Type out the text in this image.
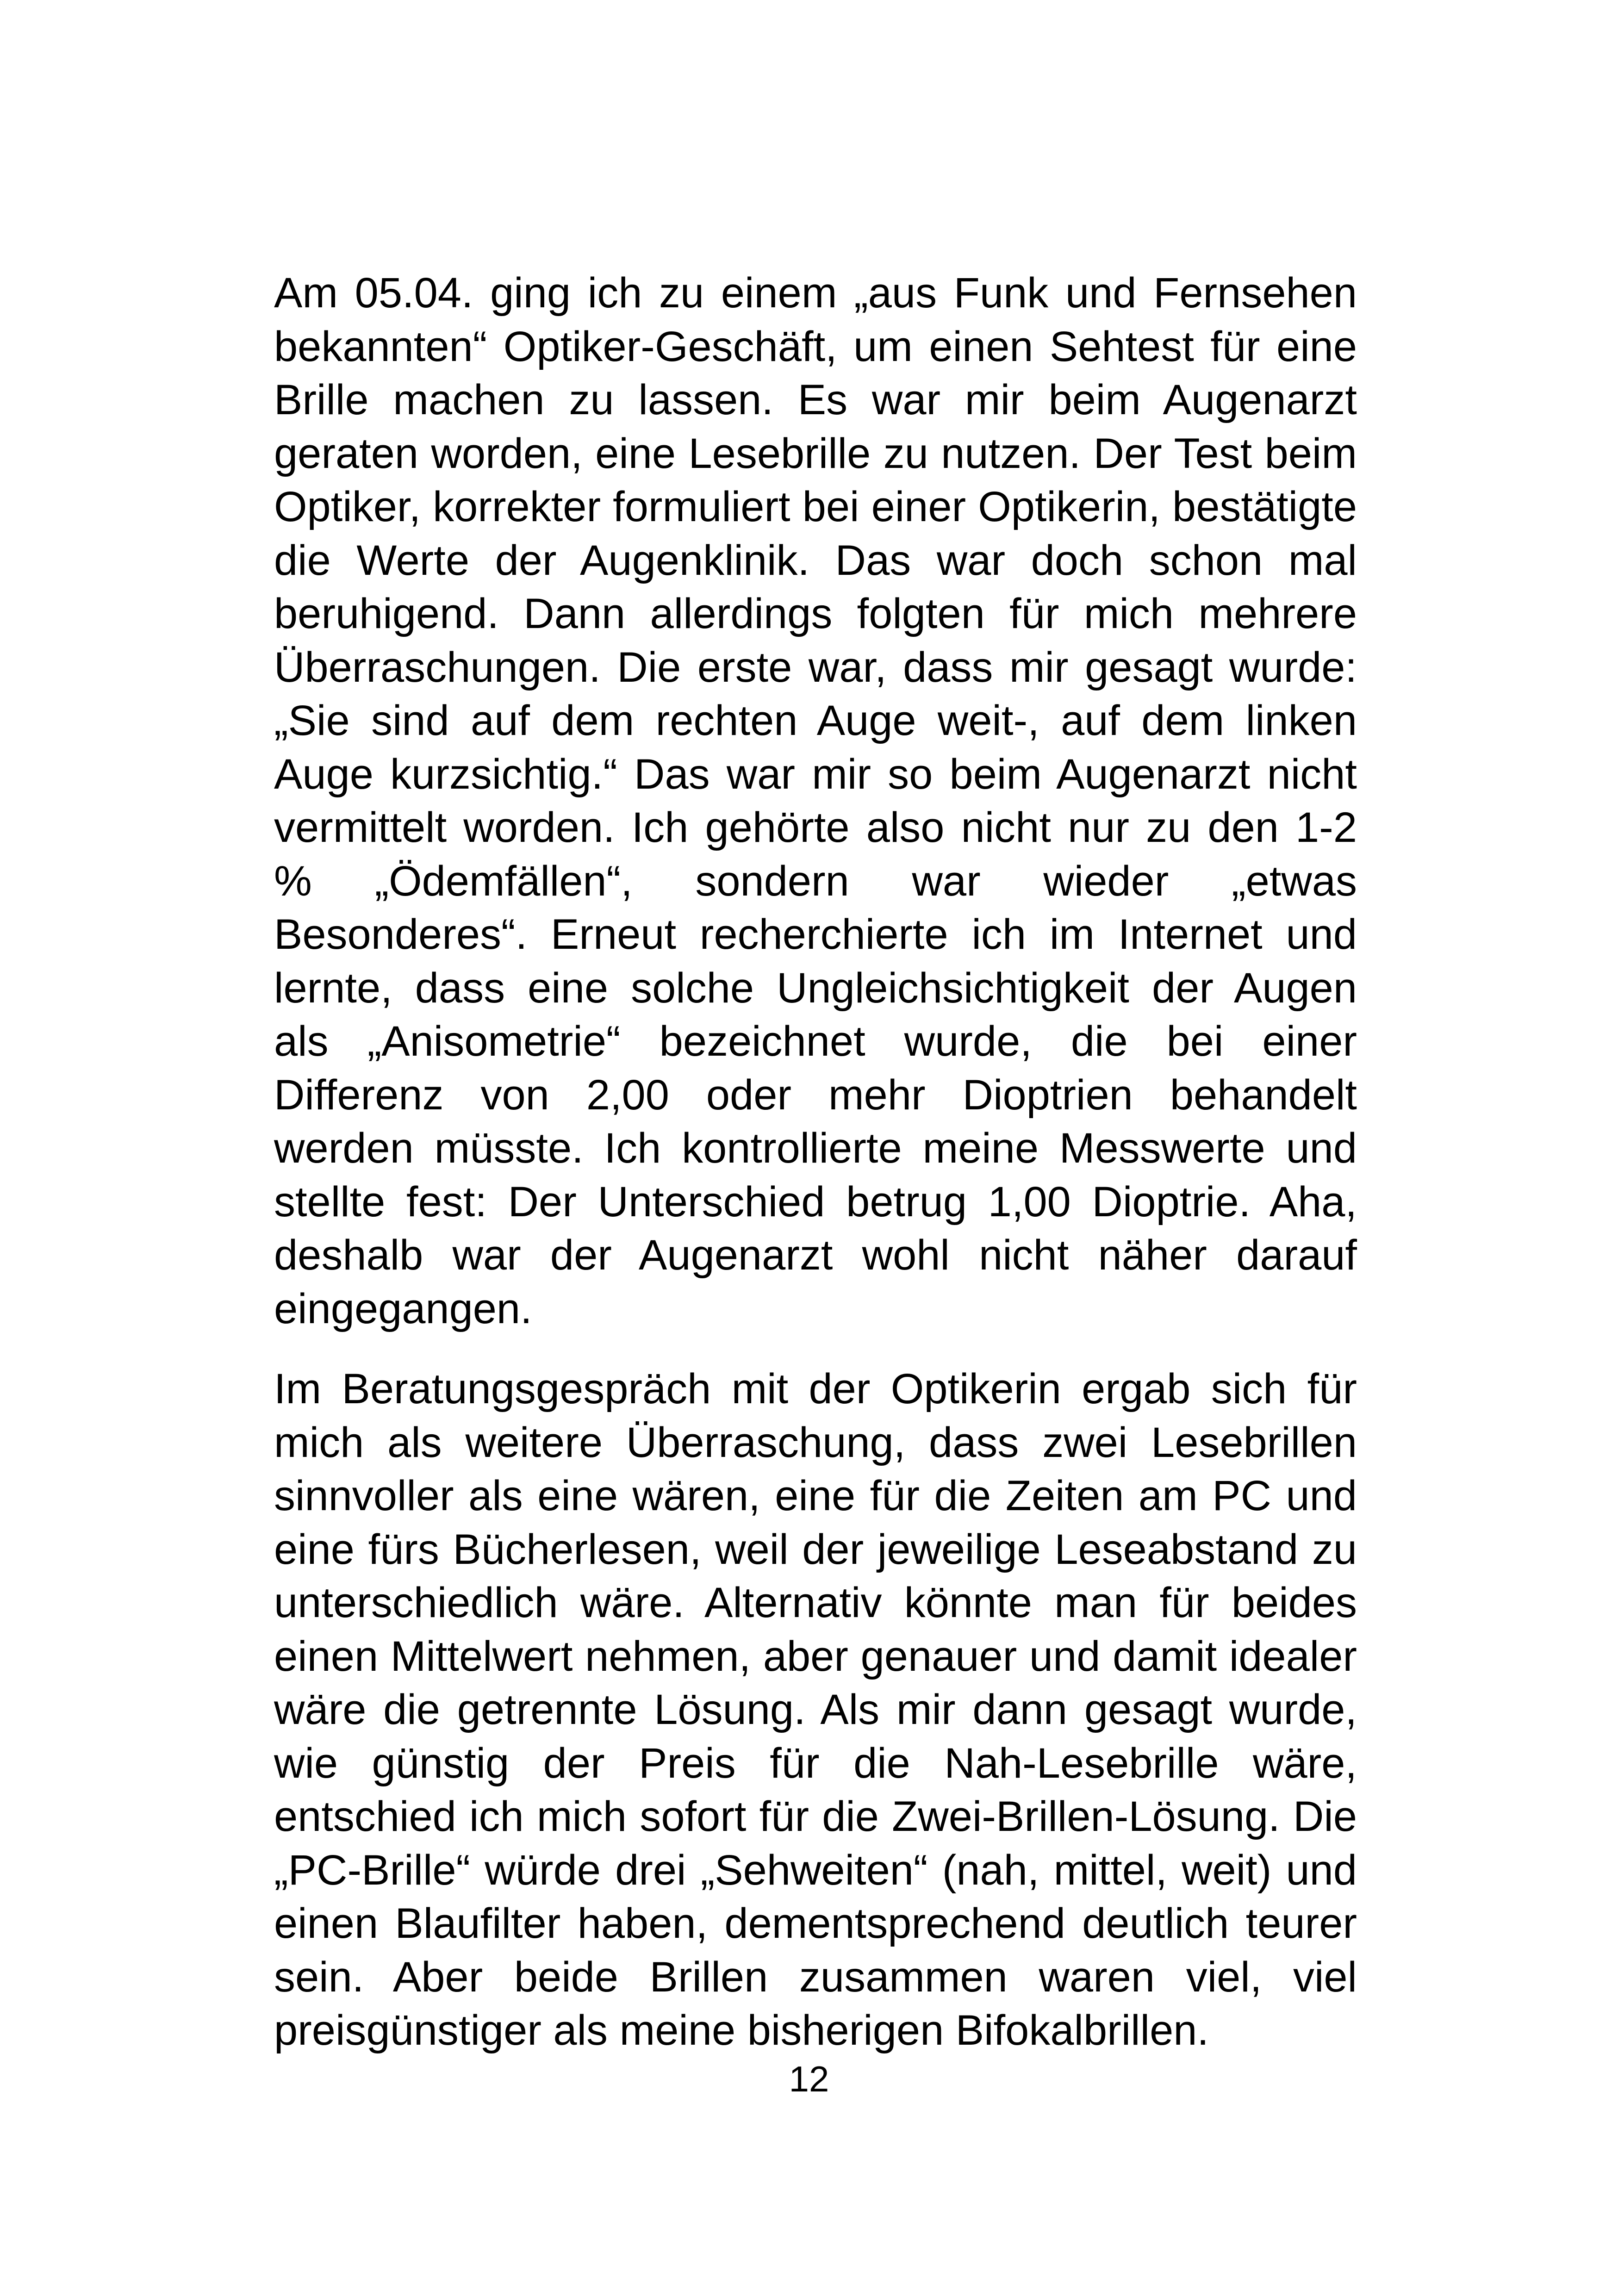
Am 05.04. ging ich zu einem „aus Funk und Fernsehen bekannten“ Optiker-Geschäft, um einen Sehtest für eine Brille machen zu lassen. Es war mir beim Augenarzt geraten worden, eine Lesebrille zu nutzen. Der Test beim Optiker, korrekter formuliert bei einer Optikerin, bestätigte die Werte der Augenklinik. Das war doch schon mal beruhigend. Dann allerdings folgten für mich mehrere Überraschungen. Die erste war, dass mir gesagt wurde: „Sie sind auf dem rechten Auge weit-, auf dem linken Auge kurzsichtig.“ Das war mir so beim Augenarzt nicht vermittelt worden. Ich gehörte also nicht nur zu den 1-2 % „Ödemfällen“, sondern war wieder „etwas Besonderes“. Erneut recherchierte ich im Internet und lernte, dass eine solche Ungleichsichtigkeit der Augen als „Anisometrie“ bezeichnet wurde, die bei einer Differenz von 2,00 oder mehr Dioptrien behandelt werden müsste. Ich kontrollierte meine Messwerte und stellte fest: Der Unterschied betrug 1,00 Dioptrie. Aha, deshalb war der Augenarzt wohl nicht näher darauf eingegangen.

Im Beratungsgespräch mit der Optikerin ergab sich für mich als weitere Überraschung, dass zwei Lesebrillen sinnvoller als eine wären, eine für die Zeiten am PC und eine fürs Bücherlesen, weil der jeweilige Leseabstand zu unterschiedlich wäre. Alternativ könnte man für beides einen Mittelwert nehmen, aber genauer und damit idealer wäre die getrennte Lösung. Als mir dann gesagt wurde, wie günstig der Preis für die Nah-Lesebrille wäre, entschied ich mich sofort für die Zwei-Brillen-Lösung. Die „PC-Brille“ würde drei „Sehweiten“ (nah, mittel, weit) und einen Blaufilter haben, dementsprechend deutlich teurer sein. Aber beide Brillen zusammen waren viel, viel preisgünstiger als meine bisherigen Bifokalbrillen.

12
